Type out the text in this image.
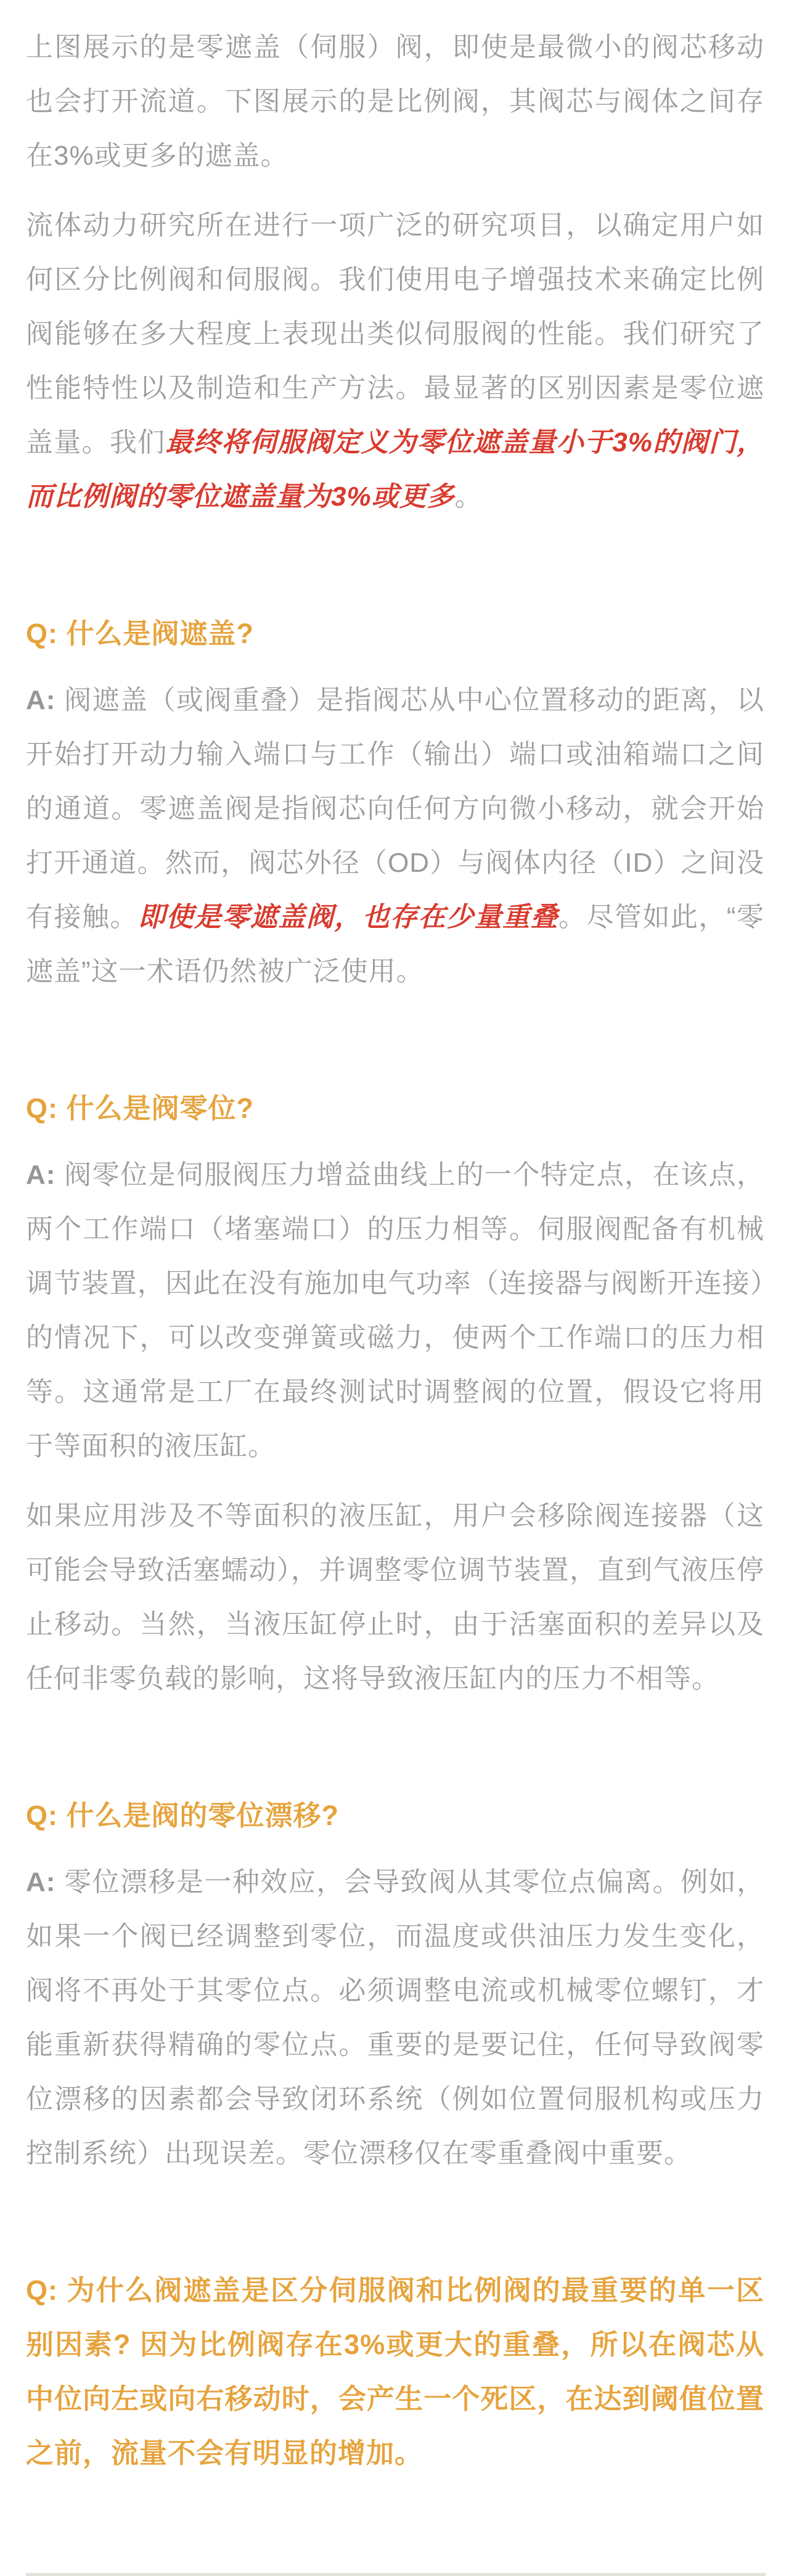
上图展示的是零遮盖（伺服）阀，即使是最微小的阀芯移动也会打开流道。下图展示的是比例阀，其阀芯与阀体之间存在3%或更多的遮盖。

流体动力研究所在进行一项广泛的研究项目，以确定用户如何区分比例阀和伺服阀。我们使用电子增强技术来确定比例阀能够在多大程度上表现出类似伺服阀的性能。我们研究了性能特性以及制造和生产方法。最显著的区别因素是零位遮盖量。我们最终将伺服阀定义为零位遮盖量小于3%的阀门，而比例阀的零位遮盖量为3%或更多。

Q: 什么是阀遮盖?

A: 阀遮盖（或阀重叠）是指阀芯从中心位置移动的距离，以开始打开动力输入端口与工作（输出）端口或油箱端口之间的通道。零遮盖阀是指阀芯向任何方向微小移动，就会开始打开通道。然而，阀芯外径（OD）与阀体内径（ID）之间没有接触。即使是零遮盖阀，也存在少量重叠。尽管如此，“零遮盖”这一术语仍然被广泛使用。

Q: 什么是阀零位?

A: 阀零位是伺服阀压力增益曲线上的一个特定点，在该点，两个工作端口（堵塞端口）的压力相等。伺服阀配备有机械调节装置，因此在没有施加电气功率（连接器与阀断开连接）的情况下，可以改变弹簧或磁力，使两个工作端口的压力相等。这通常是工厂在最终测试时调整阀的位置，假设它将用于等面积的液压缸。

如果应用涉及不等面积的液压缸，用户会移除阀连接器（这可能会导致活塞蠕动），并调整零位调节装置，直到气液压停止移动。当然，当液压缸停止时，由于活塞面积的差异以及任何非零负载的影响，这将导致液压缸内的压力不相等。

Q: 什么是阀的零位漂移?

A: 零位漂移是一种效应，会导致阀从其零位点偏离。例如，如果一个阀已经调整到零位，而温度或供油压力发生变化，阀将不再处于其零位点。必须调整电流或机械零位螺钉，才能重新获得精确的零位点。重要的是要记住，任何导致阀零位漂移的因素都会导致闭环系统（例如位置伺服机构或压力控制系统）出现误差。零位漂移仅在零重叠阀中重要。

Q: 为什么阀遮盖是区分伺服阀和比例阀的最重要的单一区别因素? 因为比例阀存在3%或更大的重叠，所以在阀芯从中位向左或向右移动时，会产生一个死区，在达到阈值位置之前，流量不会有明显的增加。
